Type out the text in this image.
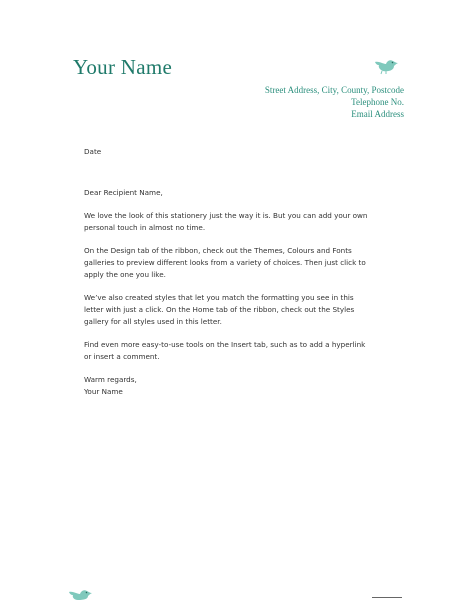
Your Name
Street Address, City, County, Postcode
Telephone No.
Email Address

Date

Dear Recipient Name,

We love the look of this stationery just the way it is. But you can add your own personal touch in almost no time.

On the Design tab of the ribbon, check out the Themes, Colours and Fonts galleries to preview different looks from a variety of choices. Then just click to apply the one you like.

We’ve also created styles that let you match the formatting you see in this letter with just a click. On the Home tab of the ribbon, check out the Styles gallery for all styles used in this letter.

Find even more easy-to-use tools on the Insert tab, such as to add a hyperlink or insert a comment.

Warm regards,

Your Name
